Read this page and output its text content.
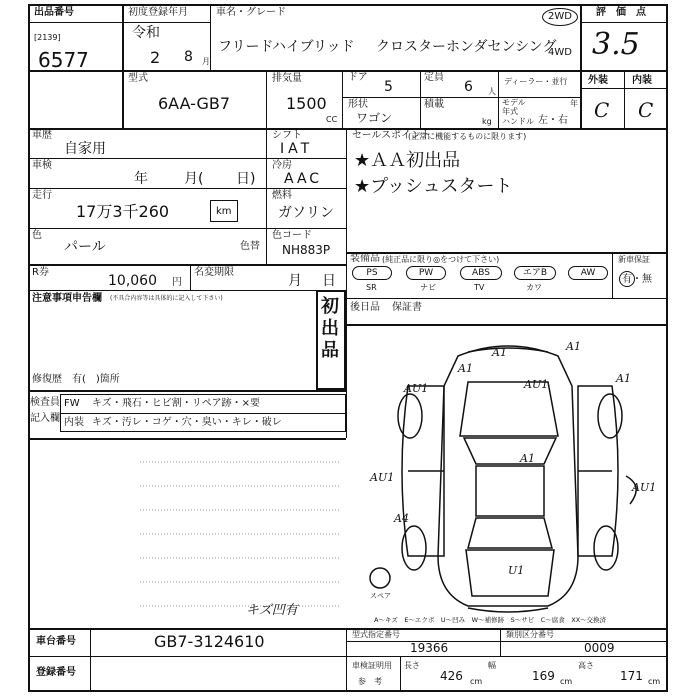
出品番号
[2139]
6577
初度登録年月
令和
2 8 月
車名・グレード
フリード
ハイブリッド クロスターホンダセンシング
2WD
4WD
評　価　点
3.5
型式
6AA-GB7
排気量
1500
CC
ドア
5
定員
6 人
ディーラー・並行
形状
ワゴン
積載
kg
モデル年式
年
ハンドル 左・右
外装 内装
C C
車歴
自家用
車検
年	月( 日)
走行
17万3千260	km
色
パール	色替
R券
10,060 円
名変期限
月 日
注意事項申告欄 (不具合内容等は具体的に記入して下さい)	初出品
修復歴　有(　)箇所
シフト
IAT
冷房
AAC
燃料
ガソリン
色コード
NH883P
セールスポイント
(正常に機能するものに限ります)
★ＡＡ初出品
★プッシュスタート
装備品 (純正品に限り◎をつけて下さい)
PS	PW	ABS	エアB	AW
SR	ナビ	TV	カワ
新車保証
有・無
後日品 保証書
検査員
記入欄
FW キズ・飛石・ヒビ割・リペア跡・×要
内装 キズ・汚レ・コゲ・穴・臭い・キレ・破レ
A1
AU1	AU1	A1
AU1
A1
AU1
A4
U1
A1
A1
スペア
A～キズ　E～エクボ　U～凹み　W～補修跡　S～サビ　C～腐食　XX～交換済
キズ凹有
車台番号	GB7-3124610
登録番号
型式指定番号
19366
類別区分番号
0009
車検証明用
参　考
長さ
426 cm
幅
169 cm
高さ
171 cm
